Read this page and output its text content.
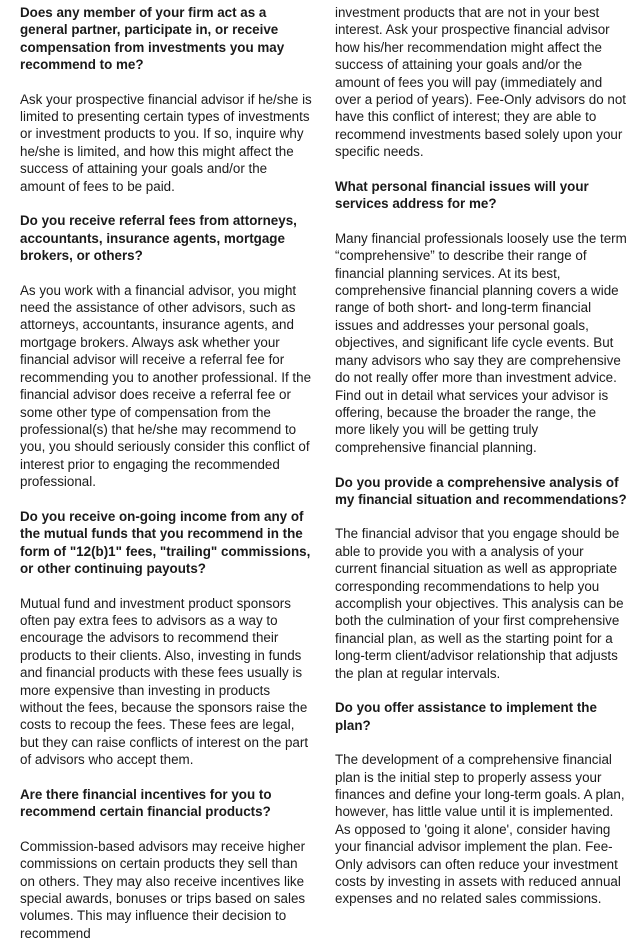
Does any member of your firm act as a general partner, participate in, or receive compensation from investments you may recommend to me?
Ask your prospective financial advisor if he/she is limited to presenting certain types of investments or investment products to you. If so, inquire why he/she is limited, and how this might affect the success of attaining your goals and/or the amount of fees to be paid.
Do you receive referral fees from attorneys, accountants, insurance agents, mortgage brokers, or others?
As you work with a financial advisor, you might need the assistance of other advisors, such as attorneys, accountants, insurance agents, and mortgage brokers. Always ask whether your financial advisor will receive a referral fee for recommending you to another professional. If the financial advisor does receive a referral fee or some other type of compensation from the professional(s) that he/she may recommend to you, you should seriously consider this conflict of interest prior to engaging the recommended professional.
Do you receive on-going income from any of the mutual funds that you recommend in the form of "12(b)1" fees, "trailing" commissions, or other continuing payouts?
Mutual fund and investment product sponsors often pay extra fees to advisors as a way to encourage the advisors to recommend their products to their clients. Also, investing in funds and financial products with these fees usually is more expensive than investing in products without the fees, because the sponsors raise the costs to recoup the fees. These fees are legal, but they can raise conflicts of interest on the part of advisors who accept them.
Are there financial incentives for you to recommend certain financial products?
Commission-based advisors may receive higher commissions on certain products they sell than on others. They may also receive incentives like special awards, bonuses or trips based on sales volumes. This may influence their decision to recommend
investment products that are not in your best interest. Ask your prospective financial advisor how his/her recommendation might affect the success of attaining your goals and/or the amount of fees you will pay (immediately and over a period of years). Fee-Only advisors do not have this conflict of interest; they are able to recommend investments based solely upon your specific needs.
What personal financial issues will your services address for me?
Many financial professionals loosely use the term “comprehensive” to describe their range of financial planning services. At its best, comprehensive financial planning covers a wide range of both short- and long-term financial issues and addresses your personal goals, objectives, and significant life cycle events. But many advisors who say they are comprehensive do not really offer more than investment advice. Find out in detail what services your advisor is offering, because the broader the range, the more likely you will be getting truly comprehensive financial planning.
Do you provide a comprehensive analysis of my financial situation and recommendations?
The financial advisor that you engage should be able to provide you with a analysis of your current financial situation as well as appropriate corresponding recommendations to help you accomplish your objectives. This analysis can be both the culmination of your first comprehensive financial plan, as well as the starting point for a long-term client/advisor relationship that adjusts the plan at regular intervals.
Do you offer assistance to implement the plan?
The development of a comprehensive financial plan is the initial step to properly assess your finances and define your long-term goals. A plan, however, has little value until it is implemented. As opposed to 'going it alone', consider having your financial advisor implement the plan. Fee-Only advisors can often reduce your investment costs by investing in assets with reduced annual expenses and no related sales commissions.
